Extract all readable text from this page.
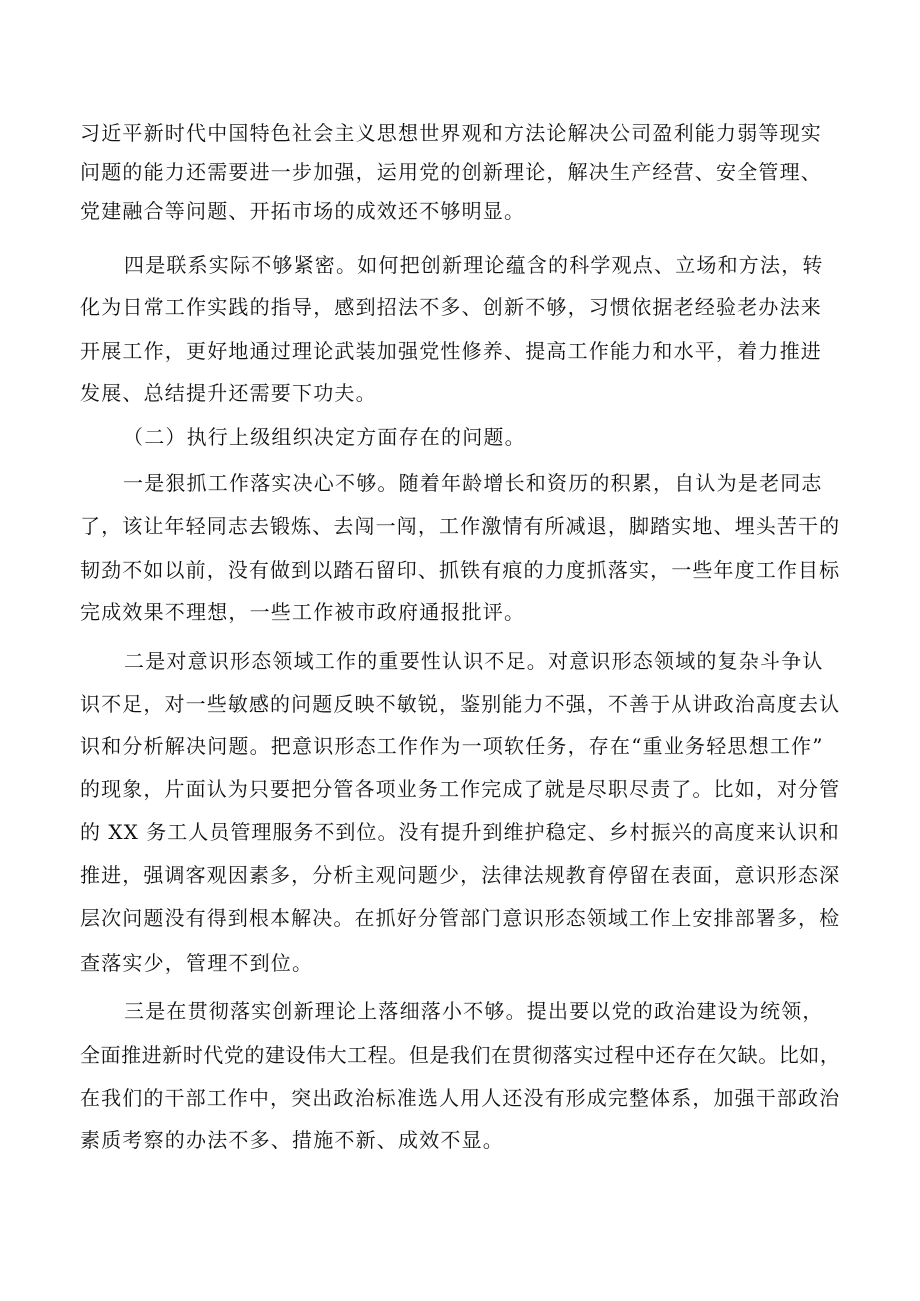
习近平新时代中国特色社会主义思想世界观和方法论解决公司盈利能力弱等现实
问题的能力还需要进一步加强，运用党的创新理论，解决生产经营、安全管理、
党建融合等问题、开拓市场的成效还不够明显。
四是联系实际不够紧密。如何把创新理论蕴含的科学观点、立场和方法，转
化为日常工作实践的指导，感到招法不多、创新不够，习惯依据老经验老办法来
开展工作，更好地通过理论武装加强党性修养、提高工作能力和水平，着力推进
发展、总结提升还需要下功夫。
（二）执行上级组织决定方面存在的问题。
一是狠抓工作落实决心不够。随着年龄增长和资历的积累，自认为是老同志
了，该让年轻同志去锻炼、去闯一闯，工作激情有所减退，脚踏实地、埋头苦干的
韧劲不如以前，没有做到以踏石留印、抓铁有痕的力度抓落实，一些年度工作目标
完成效果不理想，一些工作被市政府通报批评。
二是对意识形态领域工作的重要性认识不足。对意识形态领域的复杂斗争认
识不足，对一些敏感的问题反映不敏锐，鉴别能力不强，不善于从讲政治高度去认
识和分析解决问题。把意识形态工作作为一项软任务，存在“重业务轻思想工作”
的现象，片面认为只要把分管各项业务工作完成了就是尽职尽责了。比如，对分管
的 XX 务工人员管理服务不到位。没有提升到维护稳定、乡村振兴的高度来认识和
推进，强调客观因素多，分析主观问题少，法律法规教育停留在表面，意识形态深
层次问题没有得到根本解决。在抓好分管部门意识形态领域工作上安排部署多，检
查落实少，管理不到位。
三是在贯彻落实创新理论上落细落小不够。提出要以党的政治建设为统领，
全面推进新时代党的建设伟大工程。但是我们在贯彻落实过程中还存在欠缺。比如，
在我们的干部工作中，突出政治标准选人用人还没有形成完整体系，加强干部政治
素质考察的办法不多、措施不新、成效不显。
